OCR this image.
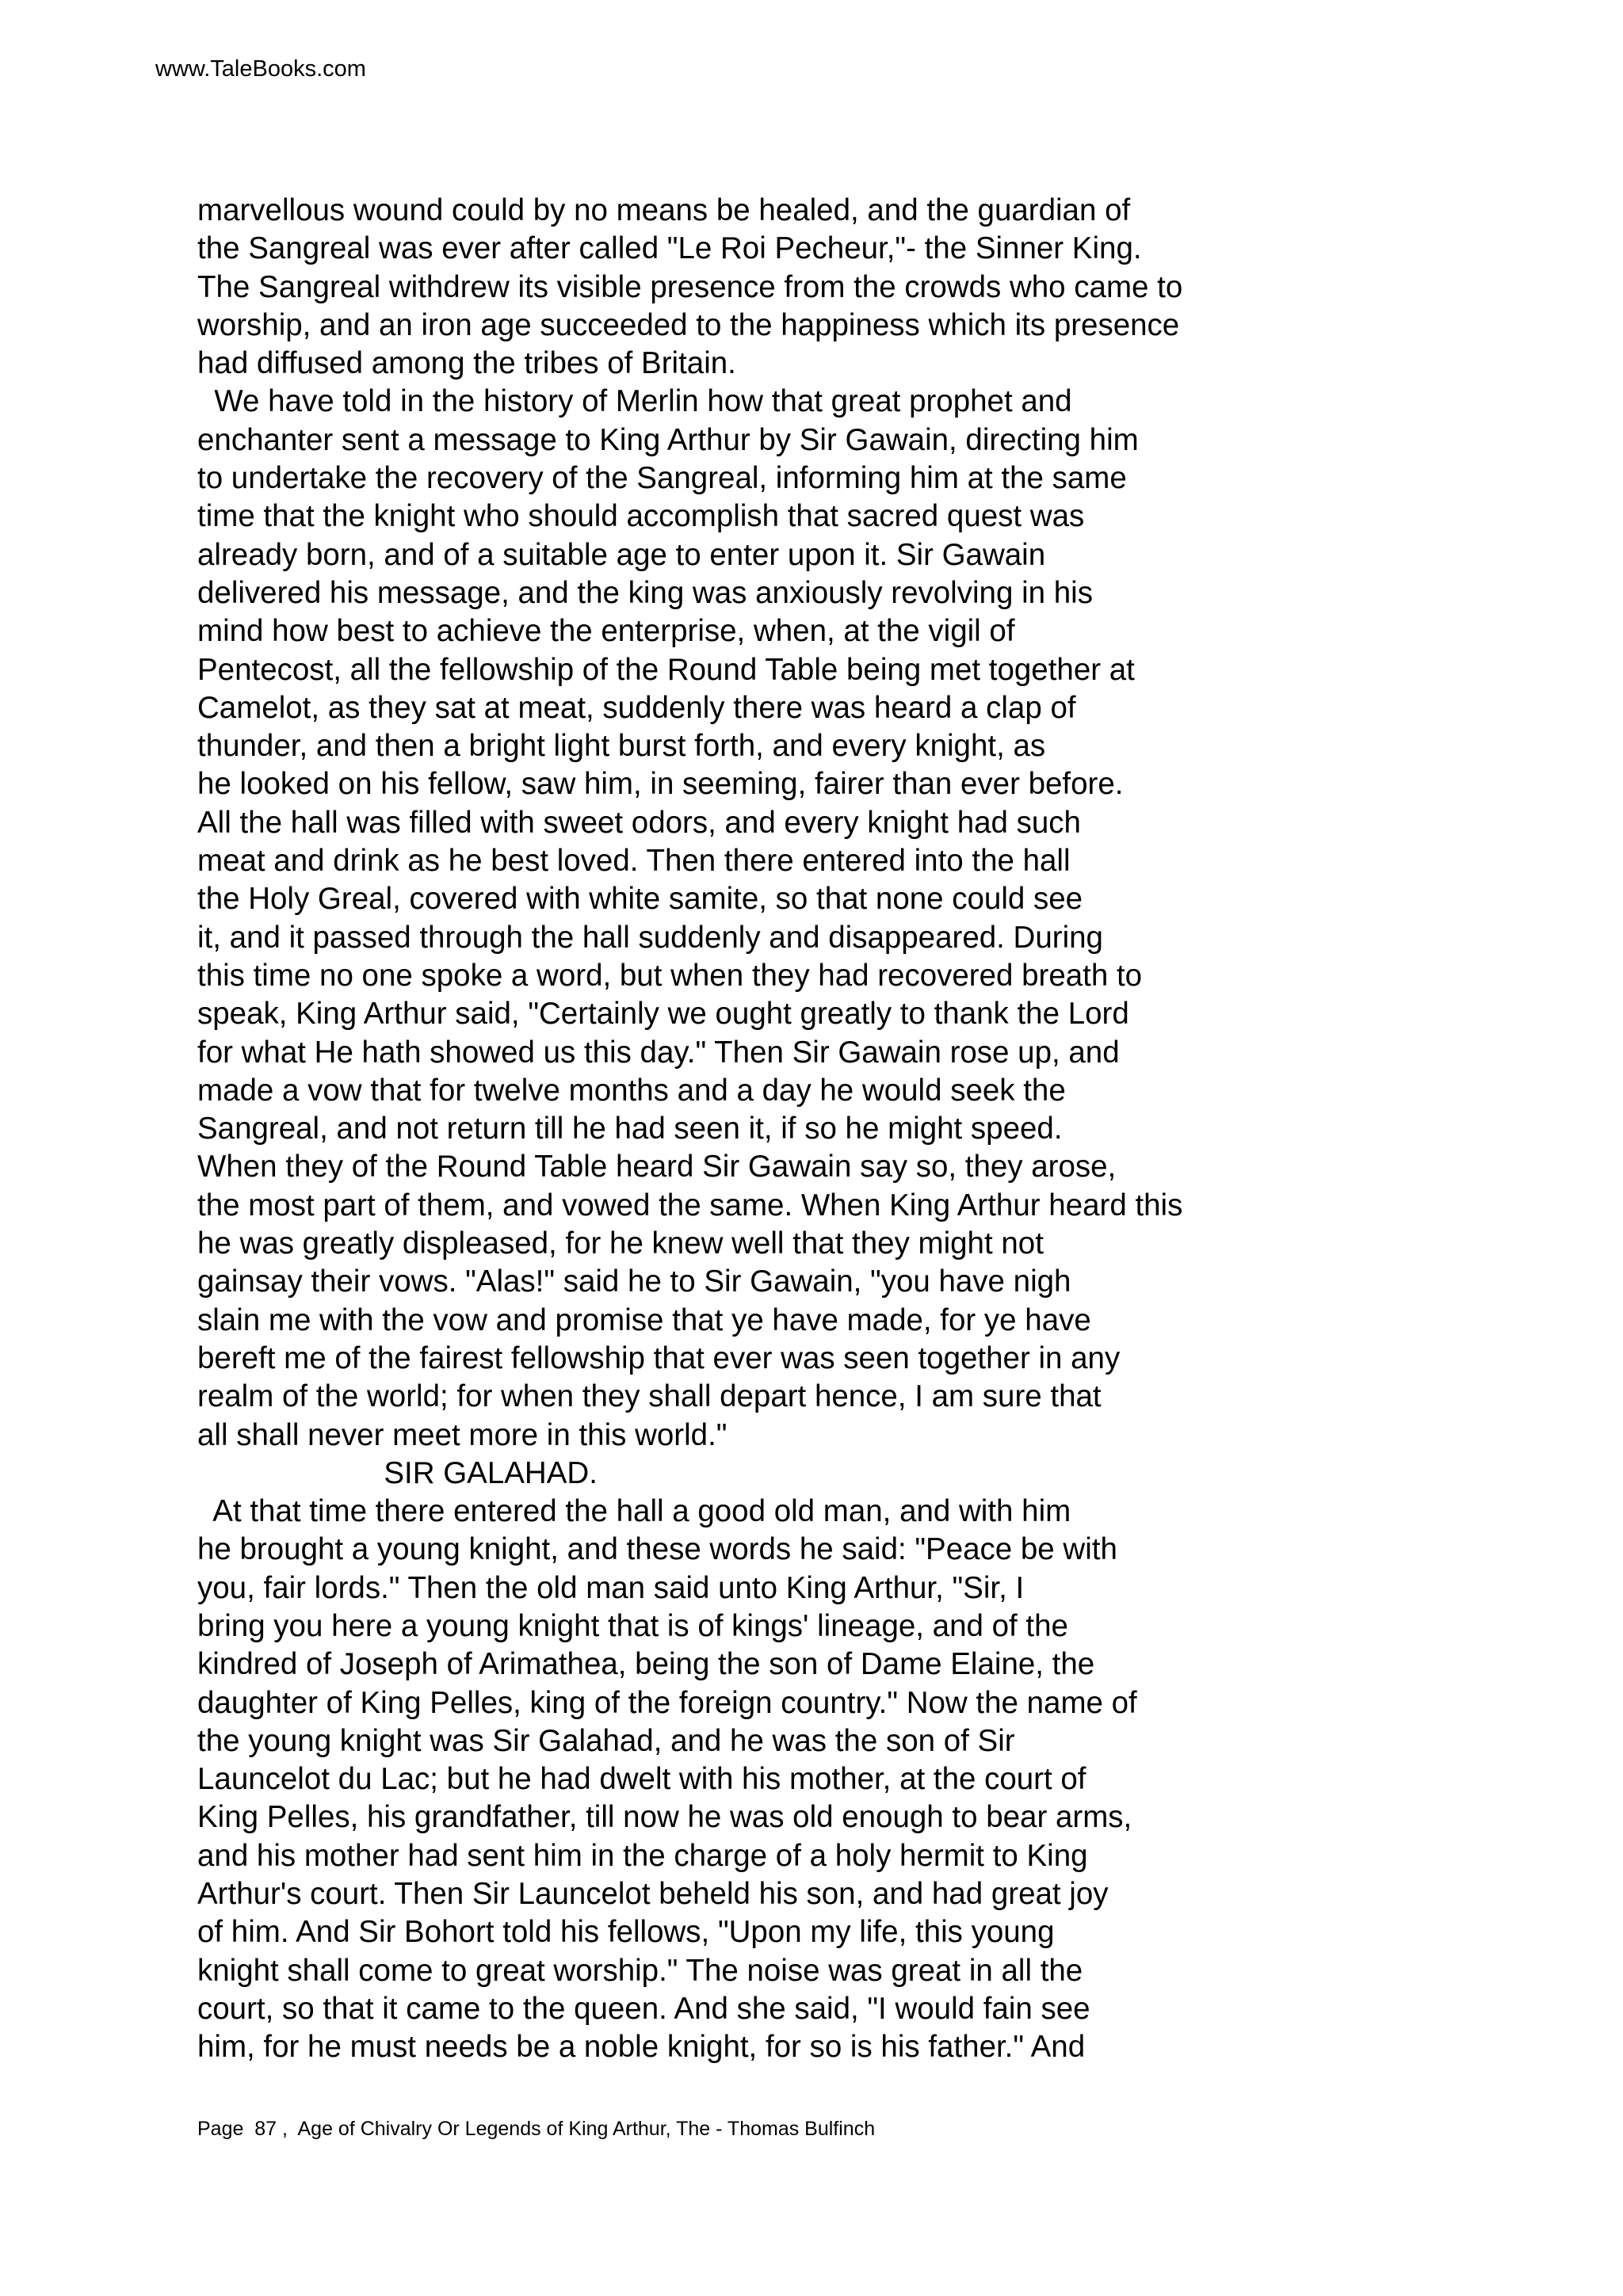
www.TaleBooks.com
marvellous wound could by no means be healed, and the guardian of
the Sangreal was ever after called "Le Roi Pecheur,"- the Sinner King.
The Sangreal withdrew its visible presence from the crowds who came to
worship, and an iron age succeeded to the happiness which its presence
had diffused among the tribes of Britain.
We have told in the history of Merlin how that great prophet and
enchanter sent a message to King Arthur by Sir Gawain, directing him
to undertake the recovery of the Sangreal, informing him at the same
time that the knight who should accomplish that sacred quest was
already born, and of a suitable age to enter upon it. Sir Gawain
delivered his message, and the king was anxiously revolving in his
mind how best to achieve the enterprise, when, at the vigil of
Pentecost, all the fellowship of the Round Table being met together at
Camelot, as they sat at meat, suddenly there was heard a clap of
thunder, and then a bright light burst forth, and every knight, as
he looked on his fellow, saw him, in seeming, fairer than ever before.
All the hall was filled with sweet odors, and every knight had such
meat and drink as he best loved. Then there entered into the hall
the Holy Greal, covered with white samite, so that none could see
it, and it passed through the hall suddenly and disappeared. During
this time no one spoke a word, but when they had recovered breath to
speak, King Arthur said, "Certainly we ought greatly to thank the Lord
for what He hath showed us this day." Then Sir Gawain rose up, and
made a vow that for twelve months and a day he would seek the
Sangreal, and not return till he had seen it, if so he might speed.
When they of the Round Table heard Sir Gawain say so, they arose,
the most part of them, and vowed the same. When King Arthur heard this
he was greatly displeased, for he knew well that they might not
gainsay their vows. "Alas!" said he to Sir Gawain, "you have nigh
slain me with the vow and promise that ye have made, for ye have
bereft me of the fairest fellowship that ever was seen together in any
realm of the world; for when they shall depart hence, I am sure that
all shall never meet more in this world."
SIR GALAHAD.
At that time there entered the hall a good old man, and with him
he brought a young knight, and these words he said: "Peace be with
you, fair lords." Then the old man said unto King Arthur, "Sir, I
bring you here a young knight that is of kings' lineage, and of the
kindred of Joseph of Arimathea, being the son of Dame Elaine, the
daughter of King Pelles, king of the foreign country." Now the name of
the young knight was Sir Galahad, and he was the son of Sir
Launcelot du Lac; but he had dwelt with his mother, at the court of
King Pelles, his grandfather, till now he was old enough to bear arms,
and his mother had sent him in the charge of a holy hermit to King
Arthur's court. Then Sir Launcelot beheld his son, and had great joy
of him. And Sir Bohort told his fellows, "Upon my life, this young
knight shall come to great worship." The noise was great in all the
court, so that it came to the queen. And she said, "I would fain see
him, for he must needs be a noble knight, for so is his father." And
Page  87 ,  Age of Chivalry Or Legends of King Arthur, The - Thomas Bulfinch
